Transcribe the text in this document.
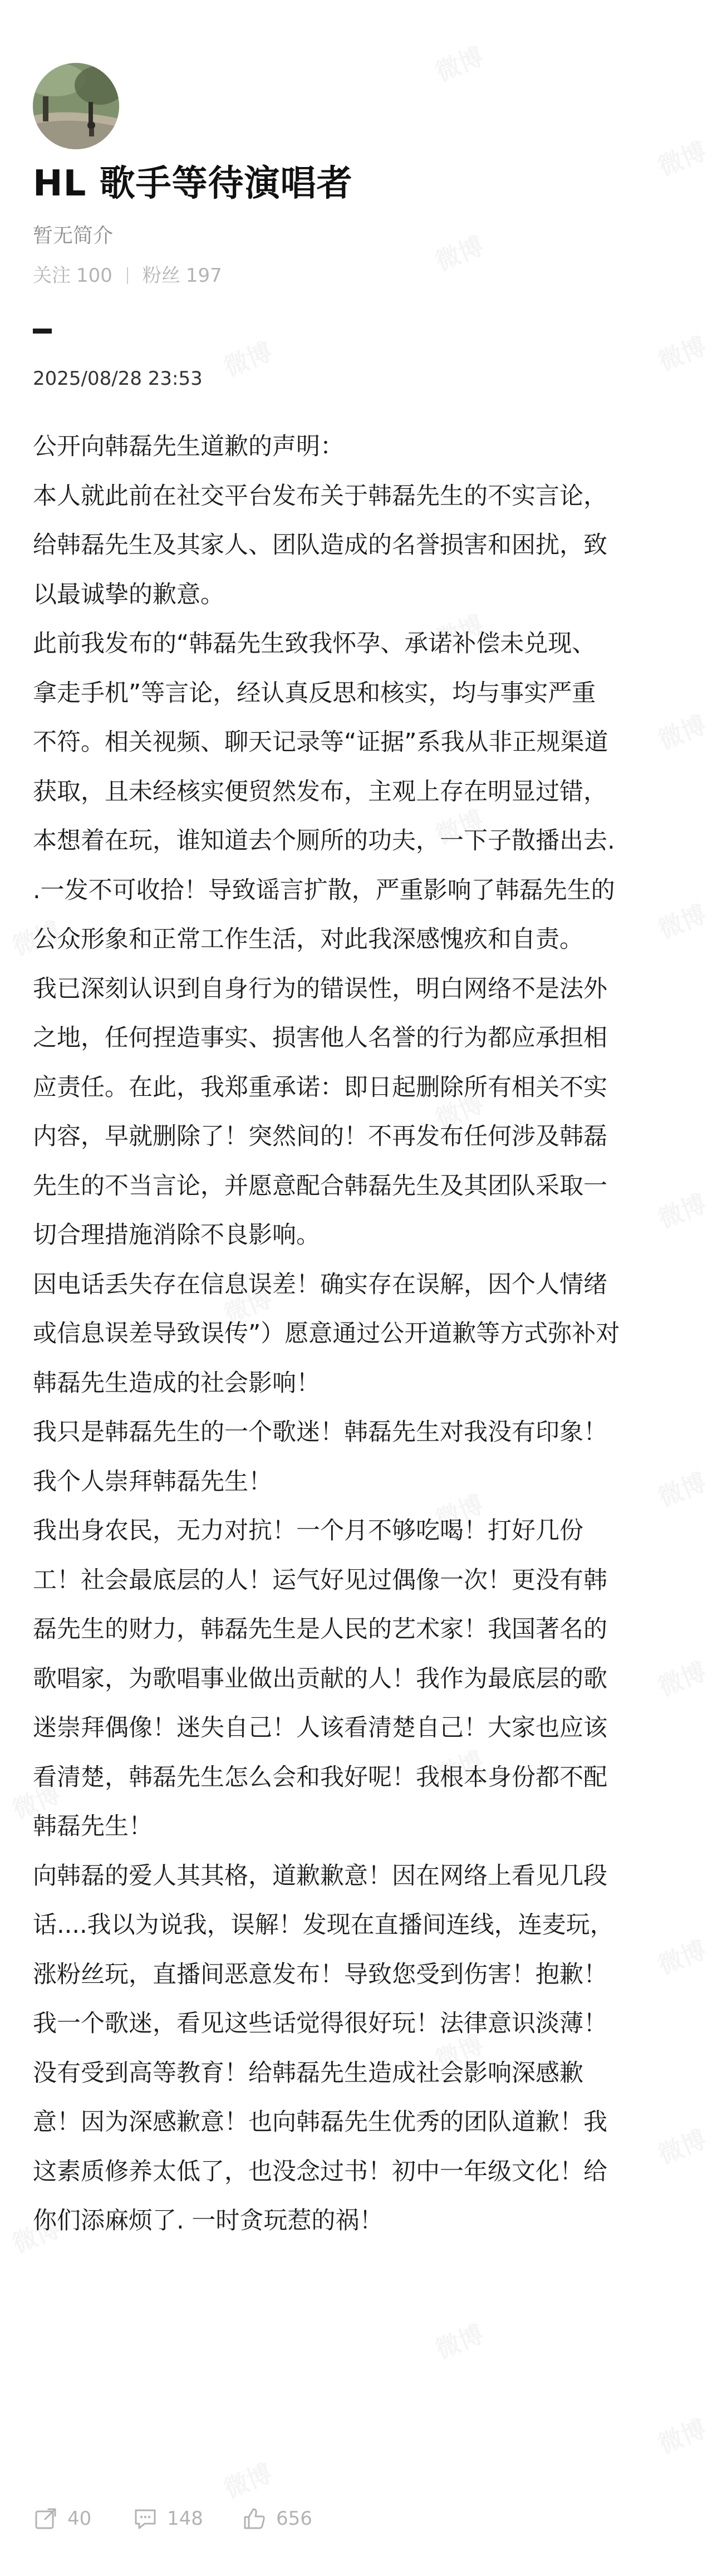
HL 歌手等待演唱者
暂无简介
关注 100 粉丝 197
2025/08/28 23:53

公开向韩磊先生道歉的声明：

本人就此前在社交平台发布关于韩磊先生的不实言论，

给韩磊先生及其家人、团队造成的名誉损害和困扰，致

以最诚挚的歉意。

此前我发布的“韩磊先生致我怀孕、承诺补偿未兑现、

拿走手机”等言论，经认真反思和核实，均与事实严重

不符。相关视频、聊天记录等“证据”系我从非正规渠道

获取，且未经核实便贸然发布，主观上存在明显过错，

本想着在玩，谁知道去个厕所的功夫，一下子散播出去.

.一发不可收拾！导致谣言扩散，严重影响了韩磊先生的

公众形象和正常工作生活，对此我深感愧疚和自责。

我已深刻认识到自身行为的错误性，明白网络不是法外

之地，任何捏造事实、损害他人名誉的行为都应承担相

应责任。在此，我郑重承诺：即日起删除所有相关不实

内容，早就删除了！突然间的！不再发布任何涉及韩磊

先生的不当言论，并愿意配合韩磊先生及其团队采取一

切合理措施消除不良影响。

因电话丢失存在信息误差！确实存在误解，因个人情绪

或信息误差导致误传”）愿意通过公开道歉等方式弥补对

韩磊先生造成的社会影响！

我只是韩磊先生的一个歌迷！韩磊先生对我没有印象！

我个人崇拜韩磊先生！

我出身农民，无力对抗！一个月不够吃喝！打好几份

工！社会最底层的人！运气好见过偶像一次！更没有韩

磊先生的财力，韩磊先生是人民的艺术家！我国著名的

歌唱家，为歌唱事业做出贡献的人！我作为最底层的歌

迷崇拜偶像！迷失自己！人该看清楚自己！大家也应该

看清楚，韩磊先生怎么会和我好呢！我根本身份都不配

韩磊先生！

向韩磊的爱人其其格，道歉歉意！因在网络上看见几段

话....我以为说我，误解！发现在直播间连线，连麦玩，

涨粉丝玩，直播间恶意发布！导致您受到伤害！抱歉！

我一个歌迷，看见这些话觉得很好玩！法律意识淡薄！

没有受到高等教育！给韩磊先生造成社会影响深感歉

意！因为深感歉意！也向韩磊先生优秀的团队道歉！我

这素质修养太低了，也没念过书！初中一年级文化！给

你们添麻烦了. 一时贪玩惹的祸！

40	148	656
